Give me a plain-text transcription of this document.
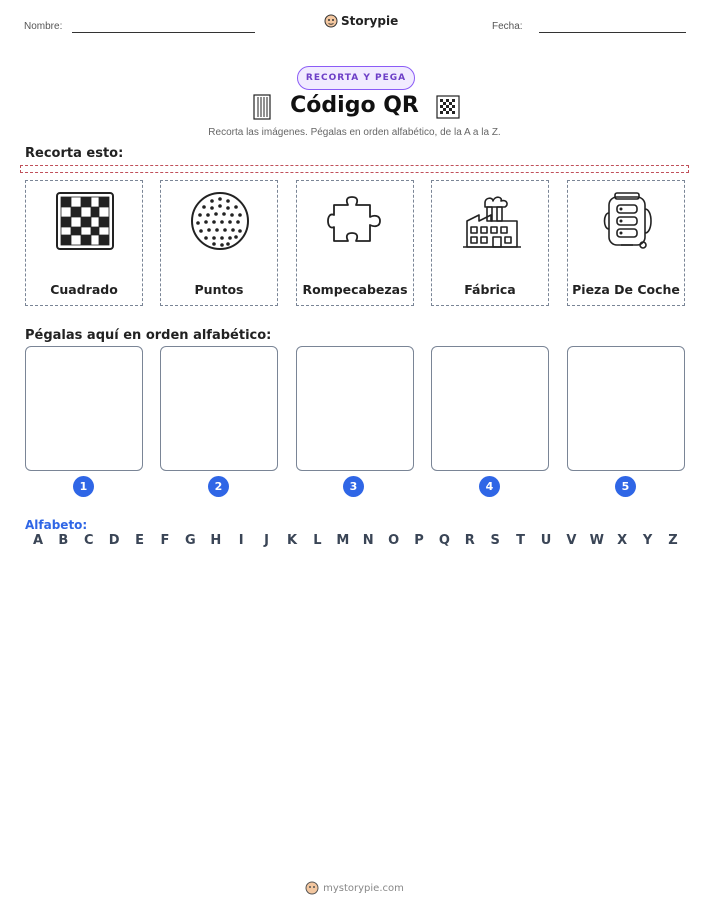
Nombre:	Storypie	Fecha:
RECORTA Y PEGA
Código QR
Recorta las imágenes. Pégalas en orden alfabético, de la A a la Z.
Recorta esto:
Cuadrado	Puntos	Rompecabezas	Fábrica	Pieza De Coche
Pégalas aquí en orden alfabético:
1	2	3	4	5
Alfabeto:
A	B	C	D	E	F	G	H	I	J	K	L	M	N	O	P	Q	R	S	T	U	V	W	X	Y	Z
mystorypie.com
